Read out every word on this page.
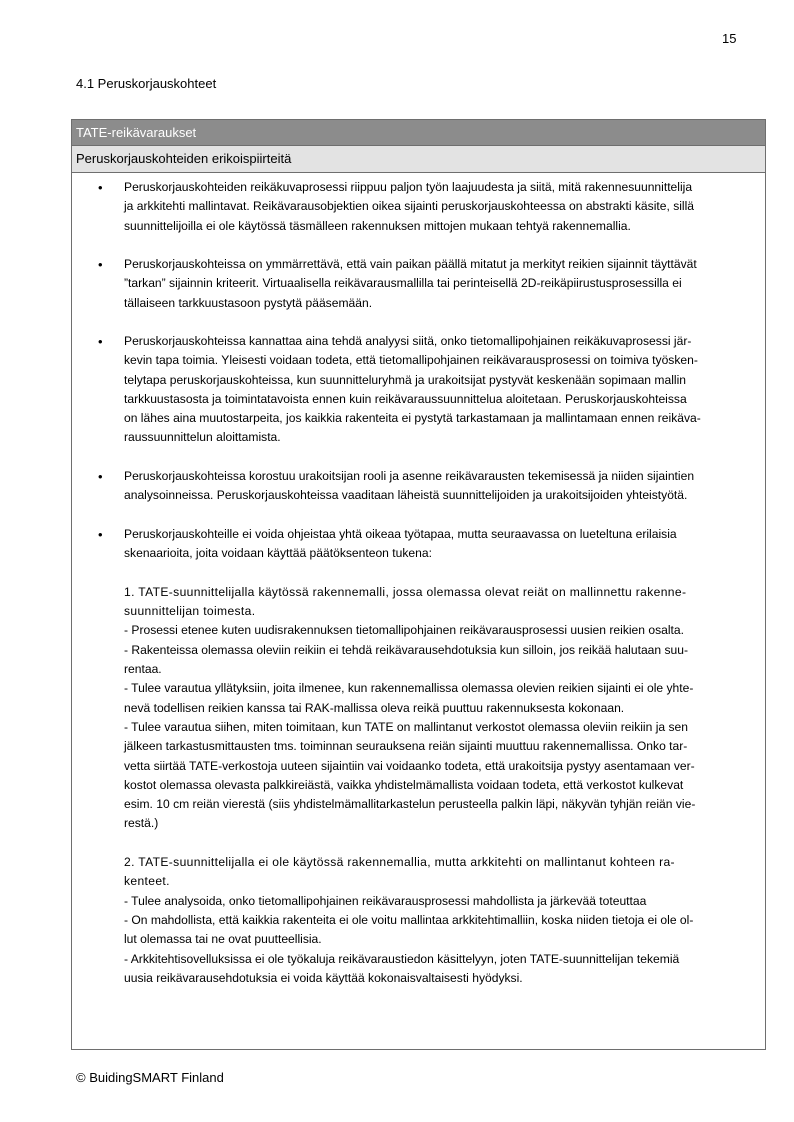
15
4.1 Peruskorjauskohteet
TATE-reikävaraukset
Peruskorjauskohteiden erikoispiirteitä
• Peruskorjauskohteiden reikäkuvaprosessi riippuu paljon työn laajuudesta ja siitä, mitä rakennesuunnittelija
ja arkkitehti mallintavat. Reikävarausobjektien oikea sijainti peruskorjauskohteessa on abstrakti käsite, sillä
suunnittelijoilla ei ole käytössä täsmälleen rakennuksen mittojen mukaan tehtyä rakennemallia.
• Peruskorjauskohteissa on ymmärrettävä, että vain paikan päällä mitatut ja merkityt reikien sijainnit täyttävät
”tarkan” sijainnin kriteerit. Virtuaalisella reikävarausmallilla tai perinteisellä 2D-reikäpiirustusprosessilla ei
tällaiseen tarkkuustasoon pystytä pääsemään.
• Peruskorjauskohteissa kannattaa aina tehdä analyysi siitä, onko tietomallipohjainen reikäkuvaprosessi jär-
kevin tapa toimia. Yleisesti voidaan todeta, että tietomallipohjainen reikävarausprosessi on toimiva työsken-
telytapa peruskorjauskohteissa, kun suunnitteluryhmä ja urakoitsijat pystyvät keskenään sopimaan mallin
tarkkuustasosta ja toimintatavoista ennen kuin reikävaraussuunnittelua aloitetaan. Peruskorjauskohteissa
on lähes aina muutostarpeita, jos kaikkia rakenteita ei pystytä tarkastamaan ja mallintamaan ennen reikäva-
raussuunnittelun aloittamista.
• Peruskorjauskohteissa korostuu urakoitsijan rooli ja asenne reikävarausten tekemisessä ja niiden sijaintien
analysoinneissa. Peruskorjauskohteissa vaaditaan läheistä suunnittelijoiden ja urakoitsijoiden yhteistyötä.
• Peruskorjauskohteille ei voida ohjeistaa yhtä oikeaa työtapaa, mutta seuraavassa on lueteltuna erilaisia
skenaarioita, joita voidaan käyttää päätöksenteon tukena:
1. TATE-suunnittelijalla käytössä rakennemalli, jossa olemassa olevat reiät on mallinnettu rakenne-
suunnittelijan toimesta.
- Prosessi etenee kuten uudisrakennuksen tietomallipohjainen reikävarausprosessi uusien reikien osalta.
- Rakenteissa olemassa oleviin reikiin ei tehdä reikävarausehdotuksia kun silloin, jos reikää halutaan suu-
rentaa.
- Tulee varautua yllätyksiin, joita ilmenee, kun rakennemallissa olemassa olevien reikien sijainti ei ole yhte-
nevä todellisen reikien kanssa tai RAK-mallissa oleva reikä puuttuu rakennuksesta kokonaan.
- Tulee varautua siihen, miten toimitaan, kun TATE on mallintanut verkostot olemassa oleviin reikiin ja sen
jälkeen tarkastusmittausten tms. toiminnan seurauksena reiän sijainti muuttuu rakennemallissa. Onko tar-
vetta siirtää TATE-verkostoja uuteen sijaintiin vai voidaanko todeta, että urakoitsija pystyy asentamaan ver-
kostot olemassa olevasta palkkireiästä, vaikka yhdistelmämallista voidaan todeta, että verkostot kulkevat
esim. 10 cm reiän vierestä (siis yhdistelmämallitarkastelun perusteella palkin läpi, näkyvän tyhjän reiän vie-
restä.)
2. TATE-suunnittelijalla ei ole käytössä rakennemallia, mutta arkkitehti on mallintanut kohteen ra-
kenteet.
- Tulee analysoida, onko tietomallipohjainen reikävarausprosessi mahdollista ja järkevää toteuttaa
- On mahdollista, että kaikkia rakenteita ei ole voitu mallintaa arkkitehtimalliin, koska niiden tietoja ei ole ol-
lut olemassa tai ne ovat puutteellisia.
- Arkkitehtisovelluksissa ei ole työkaluja reikävaraustiedon käsittelyyn, joten TATE-suunnittelijan tekemiä
uusia reikävarausehdotuksia ei voida käyttää kokonaisvaltaisesti hyödyksi.
© BuidingSMART Finland
